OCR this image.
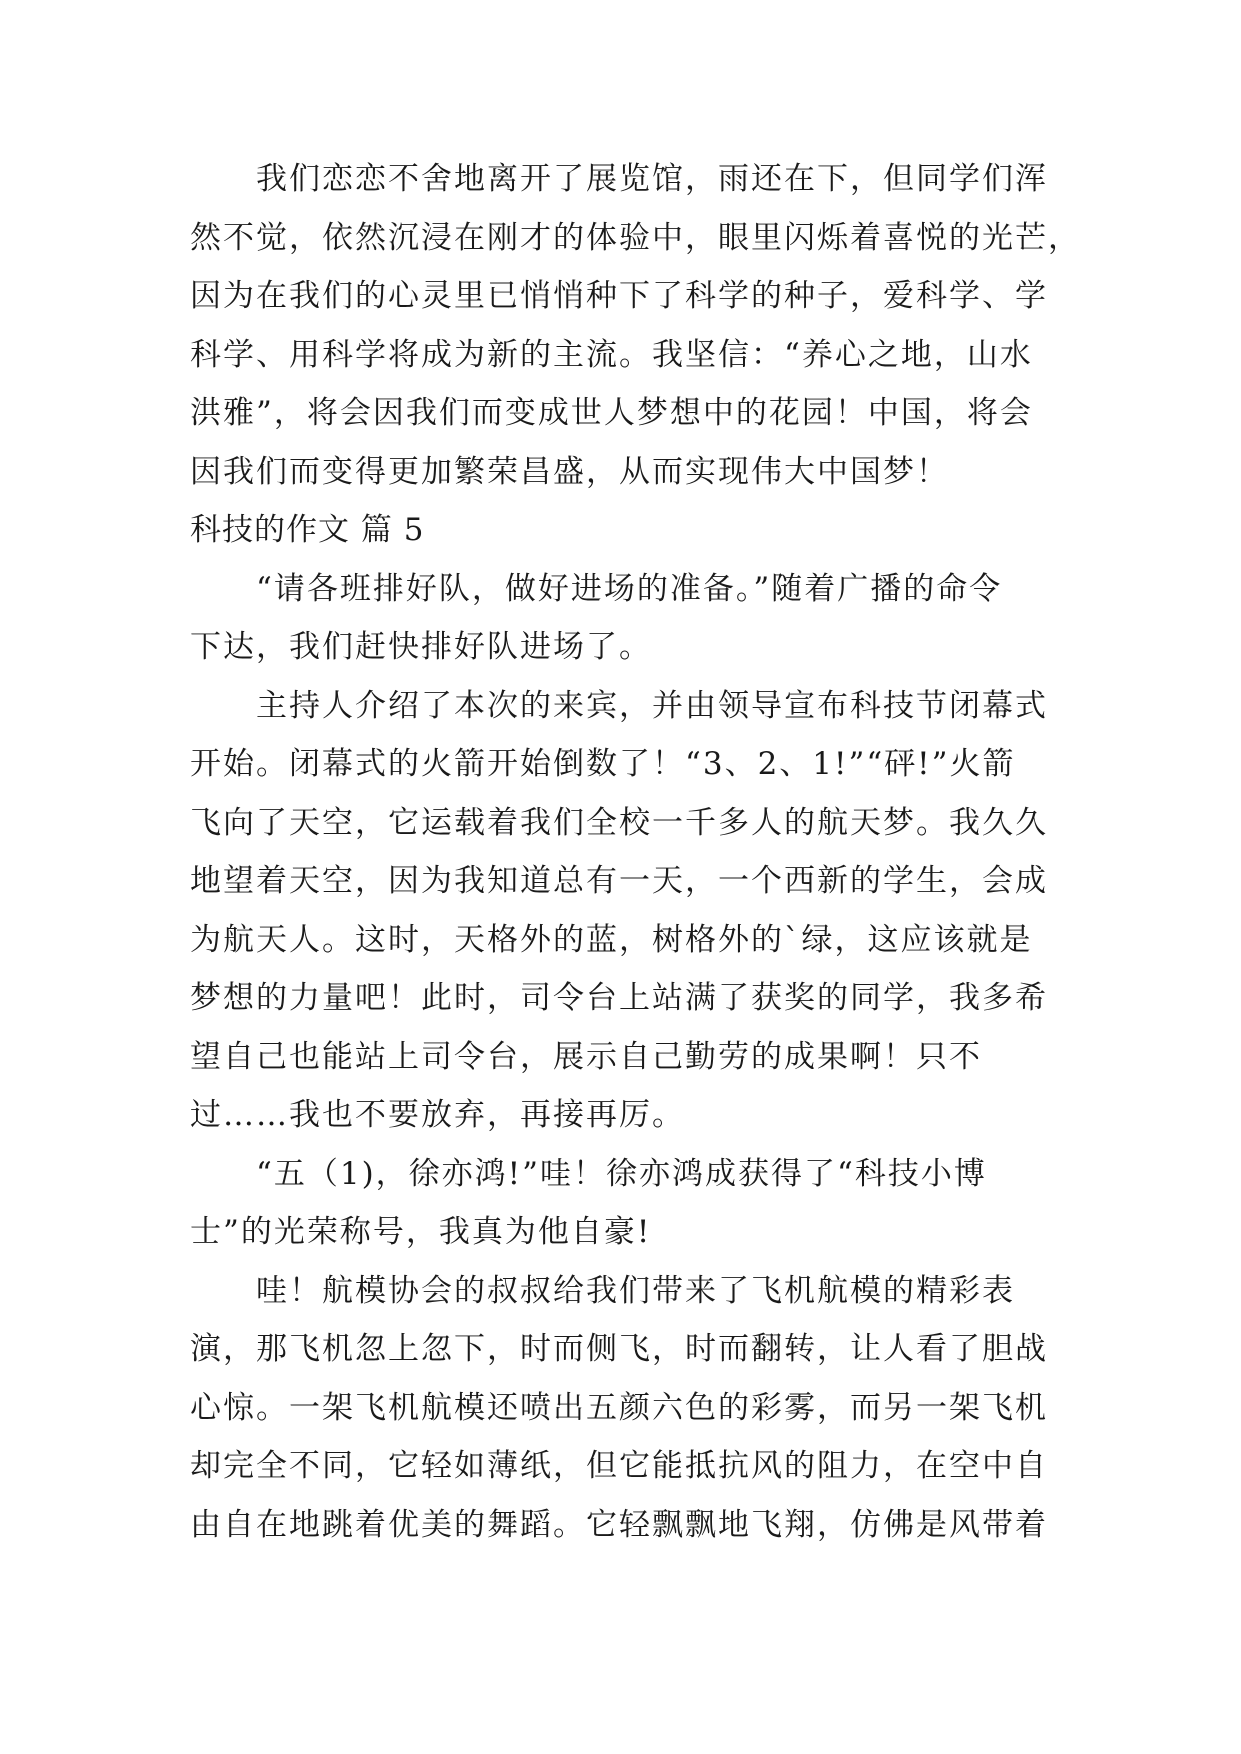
我们恋恋不舍地离开了展览馆，雨还在下，但同学们浑
然不觉，依然沉浸在刚才的体验中，眼里闪烁着喜悦的光芒，
因为在我们的心灵里已悄悄种下了科学的种子，爱科学、学
科学、用科学将成为新的主流。我坚信：“养心之地，山水
洪雅”，将会因我们而变成世人梦想中的花园！中国，将会
因我们而变得更加繁荣昌盛，从而实现伟大中国梦！
科技的作文 篇 5
“请各班排好队，做好进场的准备。”随着广播的命令
下达，我们赶快排好队进场了。
主持人介绍了本次的来宾，并由领导宣布科技节闭幕式
开始。闭幕式的火箭开始倒数了！“3、2、1!”“砰!”火箭
飞向了天空，它运载着我们全校一千多人的航天梦。我久久
地望着天空，因为我知道总有一天，一个西新的学生，会成
为航天人。这时，天格外的蓝，树格外的`绿，这应该就是
梦想的力量吧！此时，司令台上站满了获奖的同学，我多希
望自己也能站上司令台，展示自己勤劳的成果啊！只不
过……我也不要放弃，再接再厉。
“五（1)，徐亦鸿!”哇！徐亦鸿成获得了“科技小博
士”的光荣称号，我真为他自豪!
哇！航模协会的叔叔给我们带来了飞机航模的精彩表
演，那飞机忽上忽下，时而侧飞，时而翻转，让人看了胆战
心惊。一架飞机航模还喷出五颜六色的彩雾，而另一架飞机
却完全不同，它轻如薄纸，但它能抵抗风的阻力，在空中自
由自在地跳着优美的舞蹈。它轻飘飘地飞翔，仿佛是风带着
